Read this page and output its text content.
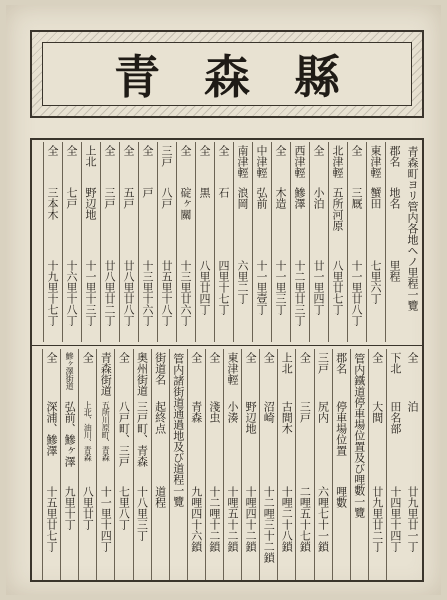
青森縣
青森町ヨリ管内各地ヘノ里程一覽
郡名
地名
里程
東津輕
蟹田
七里六丁
全
三厩
十一里廿八丁
北津輕
五所河原
八里廿七丁
全
小泊
廿一里四丁
西津輕
鰺澤
十二里廿三丁
全
木造
十一里三丁
中津輕
弘前
十一里壹丁
南津輕
浪岡
六里二丁
全
石
四里十七丁
全
黒
八里廿四丁
全
碇ヶ關
十三里廿六丁
三戸
八戸
廿五里十八丁
全
戸
十三里十六丁
全
五戸
廿八里廿八丁
全
三戸
廿八里廿二丁
上北
野辺地
十一里十三丁
全
七戸
十六里十八丁
全
三本木
十九里十七丁
全
泊
廿九里廿一丁
下北
田名部
十四里十四丁
全
大間
廿九里廿二丁
管内鐵道停車場位置及び哩數一覽
郡名
停車場位置
哩數
三戸
尻内
六哩七十一鎖
全
三戸
二哩五十七鎖
上北
古間木
十哩二十八鎖
全
沼崎
十二哩三十二鎖
全
野辺地
十哩四十二鎖
東津輕
小湊
十哩五十二鎖
全
淺虫
十二哩十二鎖
全
青森
九哩四十六鎖
管内諸街道通過地及び道程一覽
街道名
起終点
道程
奥州街道
三戸町、青森
十八里三丁
全
八戸町、三戸
七里八丁
青森街道
五所川原町、青森
十一里十四丁
全
上北、油川、青森
八里廿丁
鰺ヶ澤街道
弘前、鰺ヶ澤
九里十丁
全
深浦、鰺澤
十五里廿七丁
